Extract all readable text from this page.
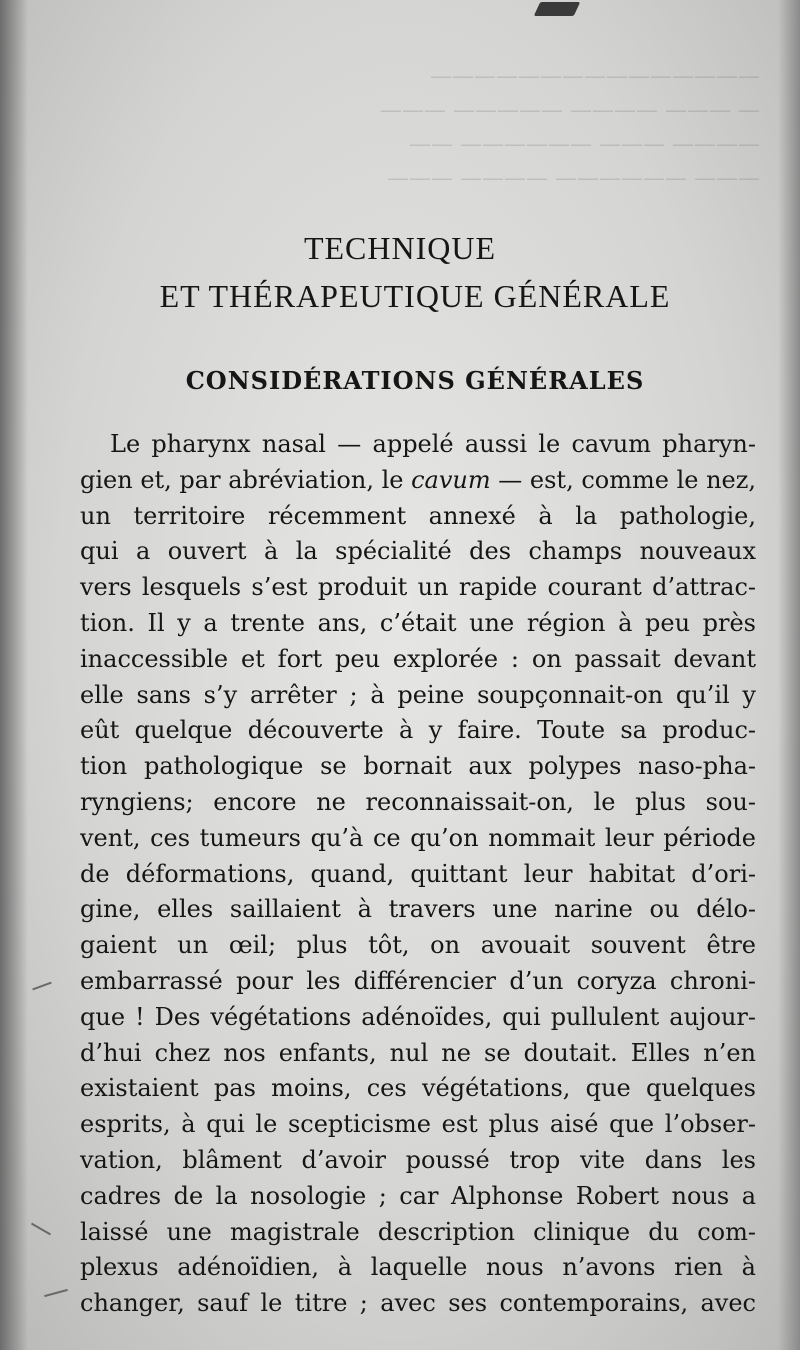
———————————————
— ——— ———— ————— ———
———— ——— —————— ——
——— —————— ———— ———
TECHNIQUE
ET THÉRAPEUTIQUE GÉNÉRALE
CONSIDÉRATIONS GÉNÉRALES
Le pharynx nasal — appelé aussi le cavum pharyn-
gien et, par abréviation, le cavum — est, comme le nez,
un territoire récemment annexé à la pathologie,
qui a ouvert à la spécialité des champs nouveaux
vers lesquels s’est produit un rapide courant d’attrac-
tion. Il y a trente ans, c’était une région à peu près
inaccessible et fort peu explorée : on passait devant
elle sans s’y arrêter ; à peine soupçonnait-on qu’il y
eût quelque découverte à y faire. Toute sa produc-
tion pathologique se bornait aux polypes naso-pha-
ryngiens; encore ne reconnaissait-on, le plus sou-
vent, ces tumeurs qu’à ce qu’on nommait leur période
de déformations, quand, quittant leur habitat d’ori-
gine, elles saillaient à travers une narine ou délo-
gaient un œil; plus tôt, on avouait souvent être
embarrassé pour les différencier d’un coryza chroni-
que ! Des végétations adénoïdes, qui pullulent aujour-
d’hui chez nos enfants, nul ne se doutait. Elles n’en
existaient pas moins, ces végétations, que quelques
esprits, à qui le scepticisme est plus aisé que l’obser-
vation, blâment d’avoir poussé trop vite dans les
cadres de la nosologie ; car Alphonse Robert nous a
laissé une magistrale description clinique du com-
plexus adénoïdien, à laquelle nous n’avons rien à
changer, sauf le titre ; avec ses contemporains, avec
